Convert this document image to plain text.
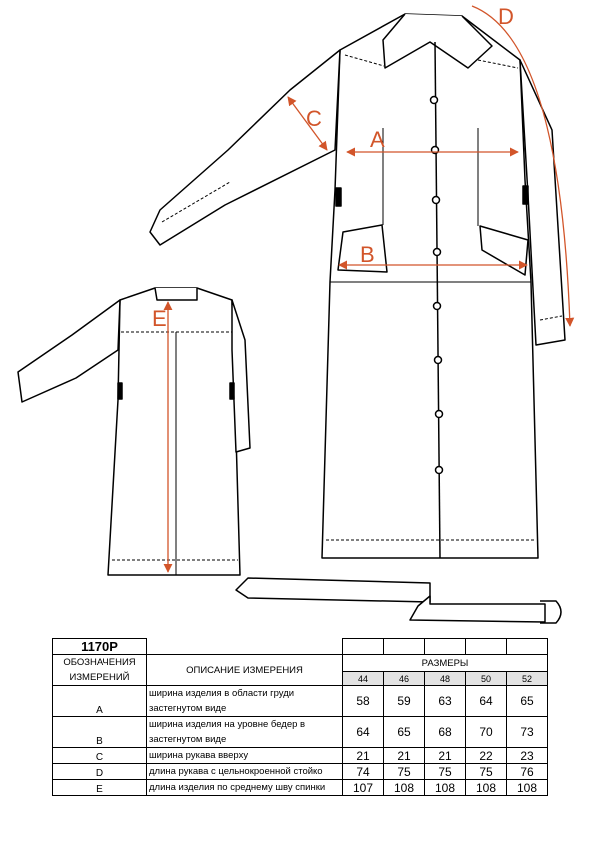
A
B
C
D
E
1170P						
ОБОЗНАЧЕНИЯ ИЗМЕРЕНИЙ	ОПИСАНИЕ ИЗМЕРЕНИЯ	РАЗМЕРЫ				
		44	46	48	50	52
A	ширина изделия в области груди застегнутом виде	58	59	63	64	65
B	ширина изделия на уровне бедер в застегнутом виде	64	65	68	70	73
C	ширина рукава вверху	21	21	21	22	23
D	длина рукава с цельнокроенной стойко	74	75	75	75	76
E	длина изделия по среднему шву спинки	107	108	108	108	108
